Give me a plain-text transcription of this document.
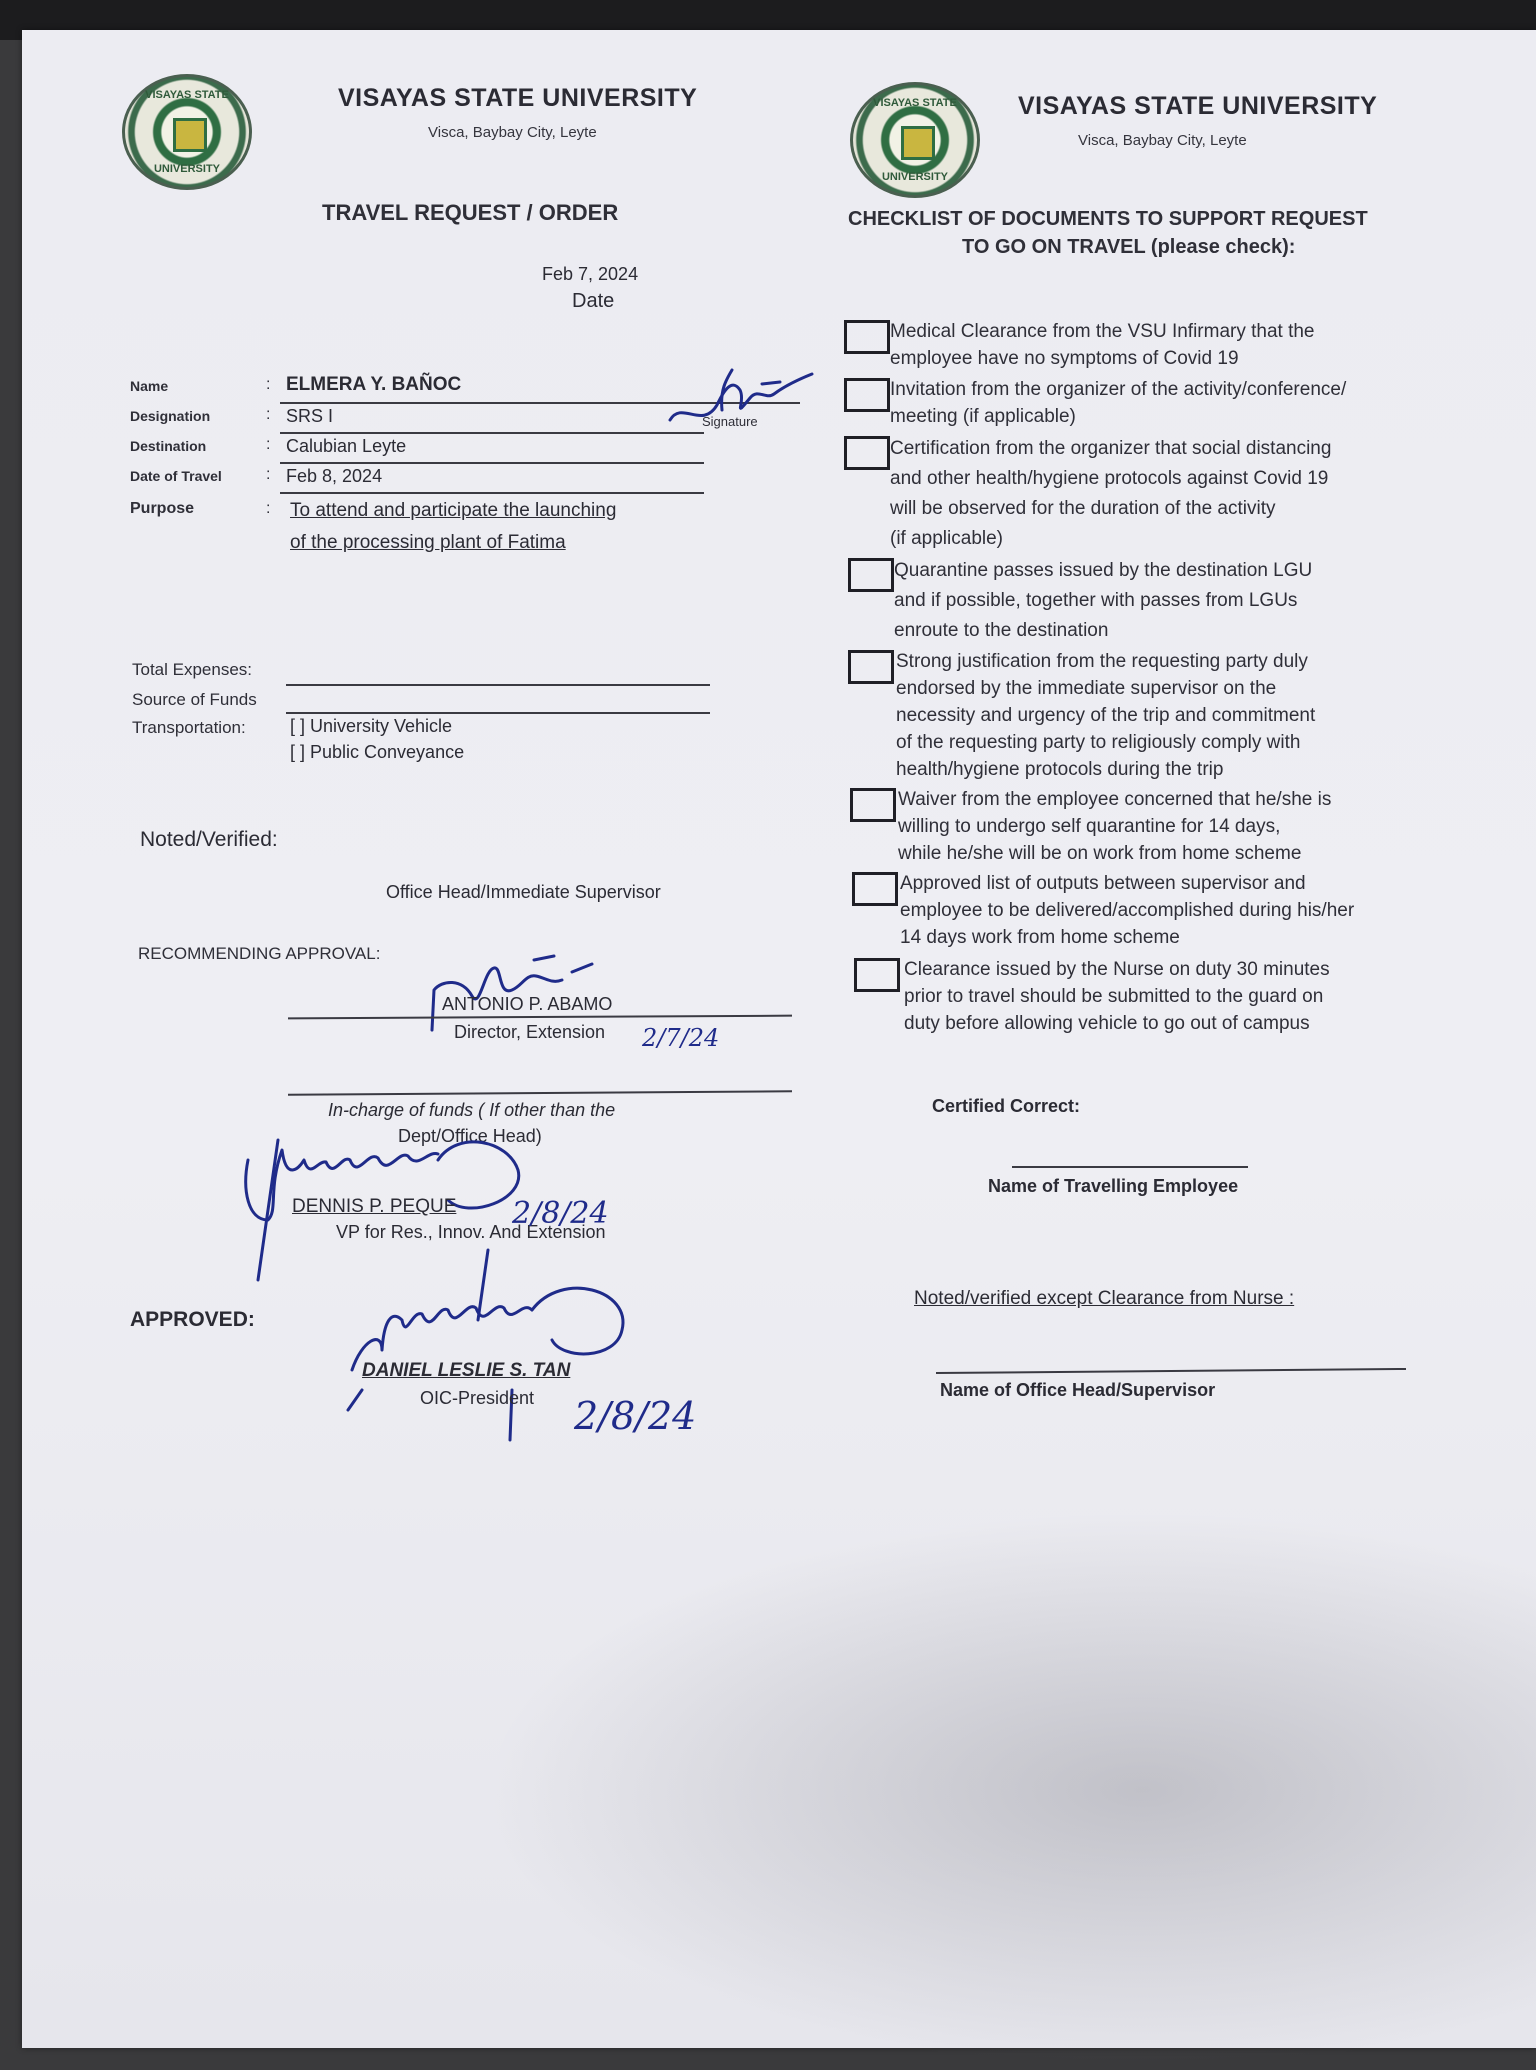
VISAYAS STATE
UNIVERSITY
VISAYAS STATE UNIVERSITY
Visca, Baybay City, Leyte
TRAVEL REQUEST / ORDER
Feb 7, 2024
Date
Name	: ELMERA Y. BAÑOC
Designation	: SRS I	Signature
Destination	: Calubian Leyte
Date of Travel	: Feb 8, 2024
Purpose	: To attend and participate the launching
of the processing plant of Fatima
Total Expenses:
Source of Funds
Transportation: [ ] University Vehicle
[ ] Public Conveyance
Noted/Verified:
Office Head/Immediate Supervisor
RECOMMENDING APPROVAL:
ANTONIO P. ABAMO
Director, Extension 2/7/24
In-charge of funds ( If other than the
Dept/Office Head)
DENNIS P. PEQUE
VP for Res., Innov. And Extension
2/8/24
APPROVED:
DANIEL LESLIE S. TAN
OIC-President 2/8/24
VISAYAS STATE
UNIVERSITY
VISAYAS STATE UNIVERSITY
Visca, Baybay City, Leyte
CHECKLIST OF DOCUMENTS TO SUPPORT REQUEST
TO GO ON TRAVEL (please check):
Medical Clearance from the VSU Infirmary that the
employee have no symptoms of Covid 19
Invitation from the organizer of the activity/conference/
meeting (if applicable)
Certification from the organizer that social distancing
and other health/hygiene protocols against Covid 19
will be observed for the duration of the activity
(if applicable)
Quarantine passes issued by the destination LGU
and if possible, together with passes from LGUs
enroute to the destination
Strong justification from the requesting party duly
endorsed by the immediate supervisor on the
necessity and urgency of the trip and commitment
of the requesting party to religiously comply with
health/hygiene protocols during the trip
Waiver from the employee concerned that he/she is
willing to undergo self quarantine for 14 days,
while he/she will be on work from home scheme
Approved list of outputs between supervisor and
employee to be delivered/accomplished during his/her
14 days work from home scheme
Clearance issued by the Nurse on duty 30 minutes
prior to travel should be submitted to the guard on
duty before allowing vehicle to go out of campus
Certified Correct:
Name of Travelling Employee
Noted/verified except Clearance from Nurse :
Name of Office Head/Supervisor
